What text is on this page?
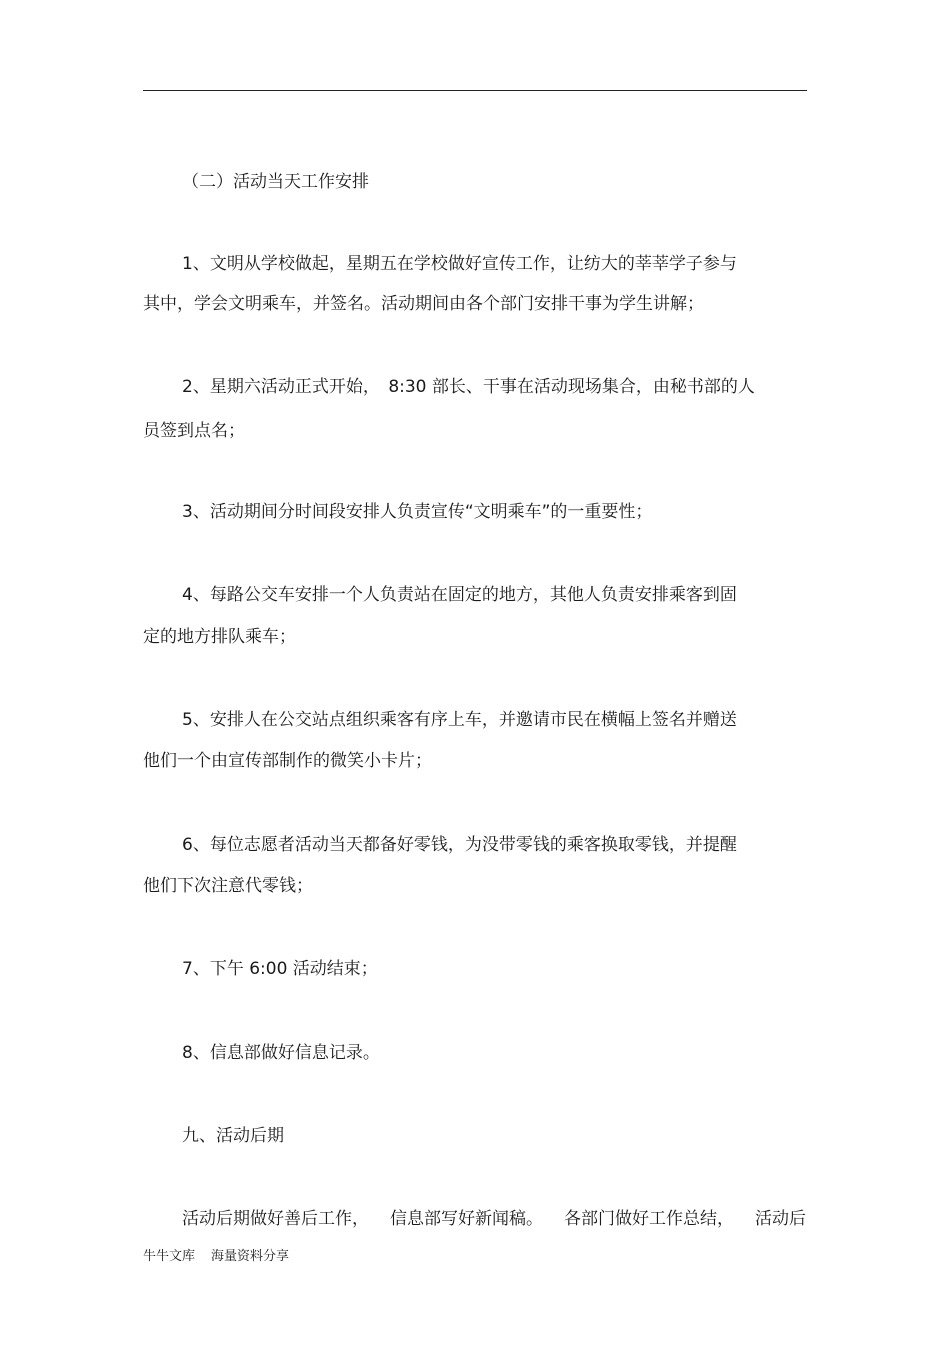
（二）活动当天工作安排
1、文明从学校做起，星期五在学校做好宣传工作，让纺大的莘莘学子参与
其中，学会文明乘车，并签名。活动期间由各个部门安排干事为学生讲解；
2、星期六活动正式开始，　8:30 部长、干事在活动现场集合，由秘书部的人
员签到点名；
3、活动期间分时间段安排人负责宣传“文明乘车”的一重要性；
4、每路公交车安排一个人负责站在固定的地方，其他人负责安排乘客到固
定的地方排队乘车；
5、安排人在公交站点组织乘客有序上车，并邀请市民在横幅上签名并赠送
他们一个由宣传部制作的微笑小卡片；
6、每位志愿者活动当天都备好零钱，为没带零钱的乘客换取零钱，并提醒
他们下次注意代零钱；
7、下午 6:00 活动结束；
8、信息部做好信息记录。
九、活动后期
活动后期做好善后工作， 信息部写好新闻稿。 各部门做好工作总结， 活动后
牛牛文库 海量资料分享
